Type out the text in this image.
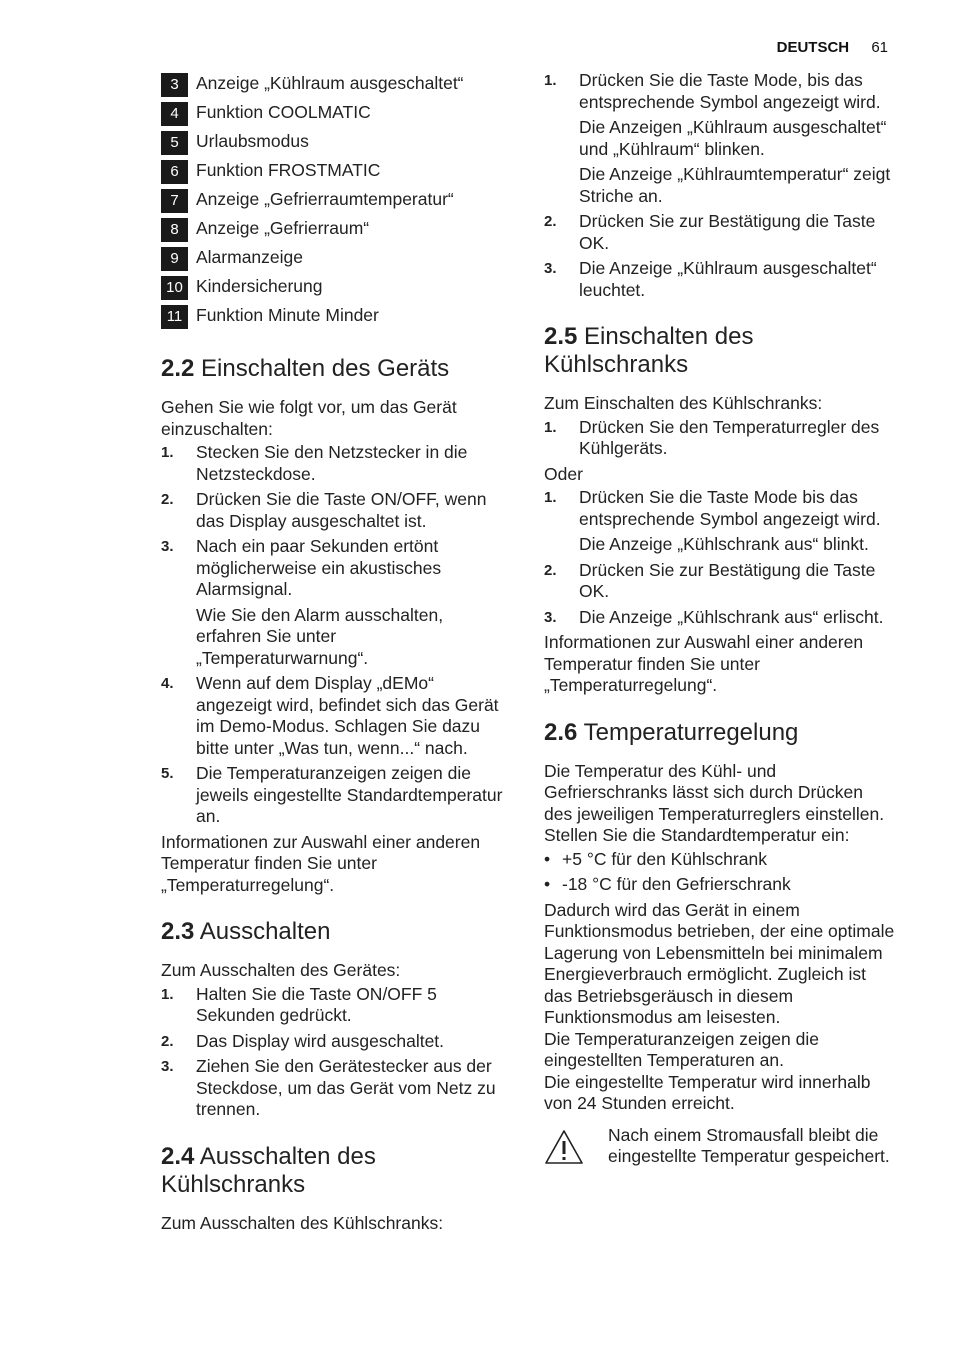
DEUTSCH 61
3 Anzeige „Kühlraum ausgeschaltet“
4 Funktion COOLMATIC
5 Urlaubsmodus
6 Funktion FROSTMATIC
7 Anzeige „Gefrierraumtemperatur“
8 Anzeige „Gefrierraum“
9 Alarmanzeige
10 Kindersicherung
11 Funktion Minute Minder
2.2 Einschalten des Geräts

Gehen Sie wie folgt vor, um das Gerät einzuschalten:

1.	Stecken Sie den Netzstecker in die Netzsteckdose.
2.	Drücken Sie die Taste ON/OFF, wenn das Display ausgeschaltet ist.
3.	Nach ein paar Sekunden ertönt möglicherweise ein akustisches Alarmsignal.

Wie Sie den Alarm ausschalten, erfahren Sie unter „Temperaturwarnung“.

4.	Wenn auf dem Display „dEMo“ angezeigt wird, befindet sich das Gerät im Demo-Modus. Schlagen Sie dazu bitte unter „Was tun, wenn...“ nach.
5.	Die Temperaturanzeigen zeigen die jeweils eingestellte Standardtemperatur an.

Informationen zur Auswahl einer anderen Temperatur finden Sie unter „Temperaturregelung“.

2.3 Ausschalten

Zum Ausschalten des Gerätes:

1.	Halten Sie die Taste ON/OFF 5 Sekunden gedrückt.
2.	Das Display wird ausgeschaltet.
3.	Ziehen Sie den Gerätestecker aus der Steckdose, um das Gerät vom Netz zu trennen.
2.4 Ausschalten des
Kühlschranks

Zum Ausschalten des Kühlschranks:

1.	Drücken Sie die Taste Mode, bis das entsprechende Symbol angezeigt wird.

Die Anzeigen „Kühlraum ausgeschaltet“ und „Kühlraum“ blinken.

Die Anzeige „Kühlraumtemperatur“ zeigt Striche an.

2.	Drücken Sie zur Bestätigung die Taste OK.
3.	Die Anzeige „Kühlraum ausgeschaltet“ leuchtet.
2.5 Einschalten des
Kühlschranks

Zum Einschalten des Kühlschranks:

1.	Drücken Sie den Temperaturregler des Kühlgeräts.

Oder

1.	Drücken Sie die Taste Mode bis das entsprechende Symbol angezeigt wird.

Die Anzeige „Kühlschrank aus“ blinkt.

2.	Drücken Sie zur Bestätigung die Taste OK.
3.	Die Anzeige „Kühlschrank aus“ erlischt.

Informationen zur Auswahl einer anderen Temperatur finden Sie unter „Temperaturregelung“.

2.6 Temperaturregelung

Die Temperatur des Kühl- und Gefrierschranks lässt sich durch Drücken des jeweiligen Temperaturreglers einstellen. Stellen Sie die Standardtemperatur ein:

• +5 °C für den Kühlschrank
• -18 °C für den Gefrierschrank

Dadurch wird das Gerät in einem Funktionsmodus betrieben, der eine optimale Lagerung von Lebensmitteln bei minimalem Energieverbrauch ermöglicht. Zugleich ist das Betriebsgeräusch in diesem Funktionsmodus am leisesten.

Die Temperaturanzeigen zeigen die eingestellten Temperaturen an.

Die eingestellte Temperatur wird innerhalb von 24 Stunden erreicht.

Nach einem Stromausfall bleibt die eingestellte Temperatur gespeichert.
